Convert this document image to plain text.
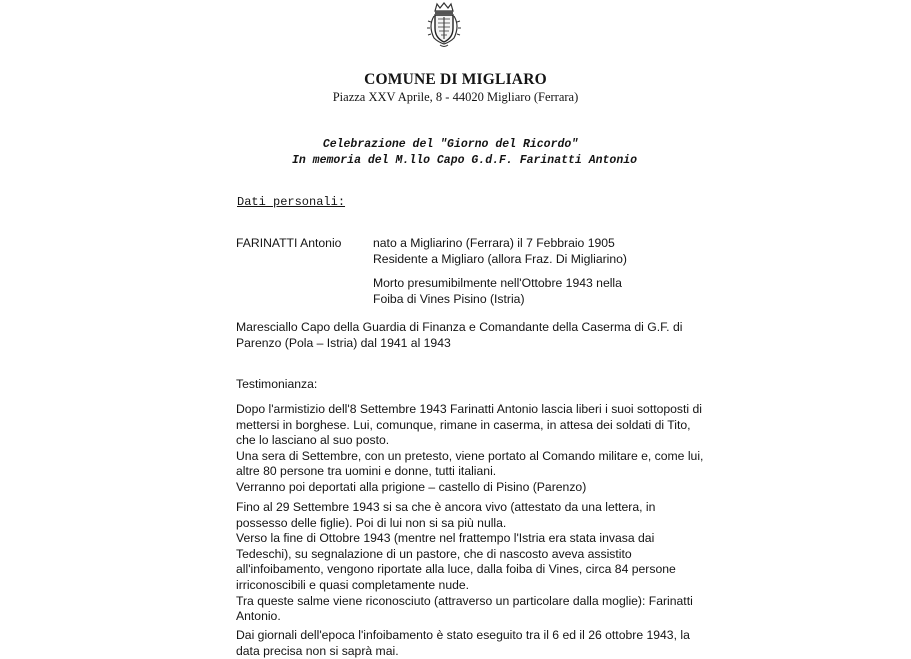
COMUNE DI MIGLIARO
Piazza XXV Aprile, 8 - 44020 Migliaro (Ferrara)
Celebrazione del "Giorno del Ricordo"
In memoria del M.llo Capo G.d.F. Farinatti Antonio
Dati personali:
FARINATTI Antonio	nato a Migliarino (Ferrara) il 7 Febbraio 1905
Residente a Migliaro (allora Fraz. Di Migliarino)
Morto presumibilmente nell'Ottobre 1943 nella
Foiba di Vines Pisino (Istria)
Maresciallo Capo della Guardia di Finanza e Comandante della Caserma di G.F. di
Parenzo (Pola – Istria) dal 1941 al 1943
Testimonianza:
Dopo l'armistizio dell'8 Settembre 1943 Farinatti Antonio lascia liberi i suoi sottoposti di
mettersi in borghese. Lui, comunque, rimane in caserma, in attesa dei soldati di Tito,
che lo lasciano al suo posto.
Una sera di Settembre, con un pretesto, viene portato al Comando militare e, come lui,
altre 80 persone tra uomini e donne, tutti italiani.
Verranno poi deportati alla prigione – castello di Pisino (Parenzo)
Fino al 29 Settembre 1943 si sa che è ancora vivo (attestato da una lettera, in
possesso delle figlie). Poi di lui non si sa più nulla.
Verso la fine di Ottobre 1943 (mentre nel frattempo l'Istria era stata invasa dai
Tedeschi), su segnalazione di un pastore, che di nascosto aveva assistito
all'infoibamento, vengono riportate alla luce, dalla foiba di Vines, circa 84 persone
irriconoscibili e quasi completamente nude.
Tra queste salme viene riconosciuto (attraverso un particolare dalla moglie): Farinatti
Antonio.
Dai giornali dell'epoca l'infoibamento è stato eseguito tra il 6 ed il 26 ottobre 1943, la
data precisa non si saprà mai.
